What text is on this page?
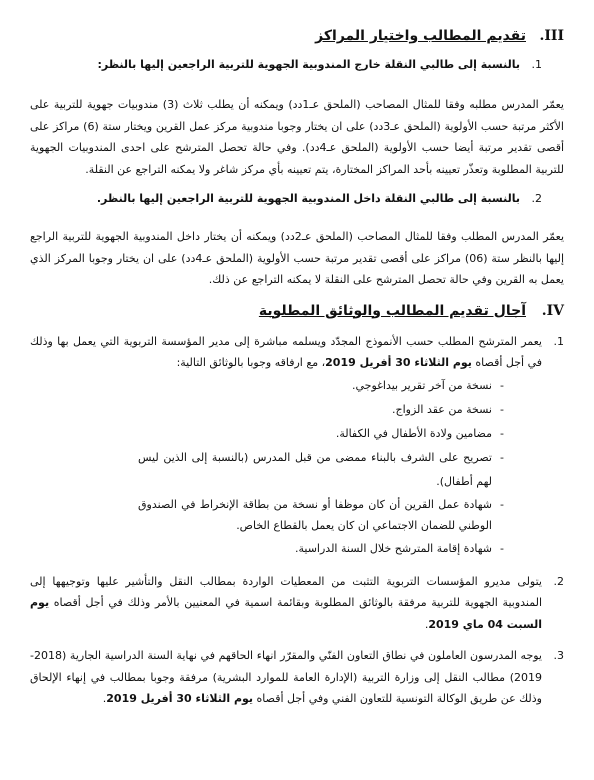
III.
تقديم المطالب واختيار المراكز
1.
بالنسبة إلى طالبي النقلة خارج المندوبية الجهوية للتربية الراجعين إليها بالنظر:

يعمّر المدرس مطلبه وفقا للمثال المصاحب (الملحق عـ1دد) ويمكنه أن يطلب ثلاث (3) مندوبيات جهوية للتربية على الأكثر مرتبة حسب الأولوية (الملحق عـ3دد) على ان يختار وجوبا مندوبية مركز عمل القرين ويختار ستة (6) مراكز على أقصى تقدير مرتبة أيضا حسب الأولوية (الملحق عـ4دد). وفي حالة تحصل المترشح على احدى المندوبيات الجهوية للتربية المطلوبة وتعذّر تعيينه بأحد المراكز المختارة، يتم تعيينه بأي مركز شاغر ولا يمكنه التراجع عن النقلة.

2.
بالنسبة إلى طالبي النقلة داخل المندوبية الجهوية للتربية الراجعين إليها بالنظر.

يعمّر المدرس المطلب وفقا للمثال المصاحب (الملحق عـ2دد) ويمكنه أن يختار داخل المندوبية الجهوية للتربية الراجع إليها بالنظر ستة (06) مراكز على أقصى تقدير مرتبة حسب الأولوية (الملحق عـ4دد) على ان يختار وجوبا المركز الذي يعمل به القرين وفي حالة تحصل المترشح على النقلة لا يمكنه التراجع عن ذلك.

IV.
آجال تقديم المطالب والوثائق المطلوبة
1.
يعمر المترشح المطلب حسب الأنموذج المجدّد ويسلمه مباشرة إلى مدير المؤسسة التربوية التي يعمل بها وذلك في أجل أقصاه يوم الثلاثاء 30 أفريل 2019، مع ارفاقه وجوبا بالوثائق التالية:
-
نسخة من آخر تقرير بيداغوجي.
-
نسخة من عقد الزواج.
-
مضامين ولادة الأطفال في الكفالة.
-
تصريح على الشرف بالبناء ممضى من قبل المدرس (بالنسبة إلى الذين ليس لهم أطفال).
-
شهادة عمل القرين أن كان موظفا أو نسخة من بطاقة الإنخراط في الصندوق الوطني للضمان الاجتماعي ان كان يعمل بالقطاع الخاص.
-
شهادة إقامة المترشح خلال السنة الدراسية.
2.
يتولى مديرو المؤسسات التربوية التثبت من المعطيات الواردة بمطالب النقل والتأشير عليها وتوجيهها إلى المندوبية الجهوية للتربية مرفقة بالوثائق المطلوبة وبقائمة اسمية في المعنيين بالأمر وذلك في أجل أقصاه يوم السبت 04 ماي 2019.
3.
يوجه المدرسون العاملون في نطاق التعاون الفنّي والمقرّر انهاء الحاقهم في نهاية السنة الدراسية الجارية (2018-2019) مطالب النقل إلى وزارة التربية (الإدارة العامة للموارد البشرية) مرفقة وجوبا بمطالب في إنهاء الإلحاق وذلك عن طريق الوكالة التونسية للتعاون الفني وفي أجل أقصاه يوم الثلاثاء 30 أفريل 2019.
